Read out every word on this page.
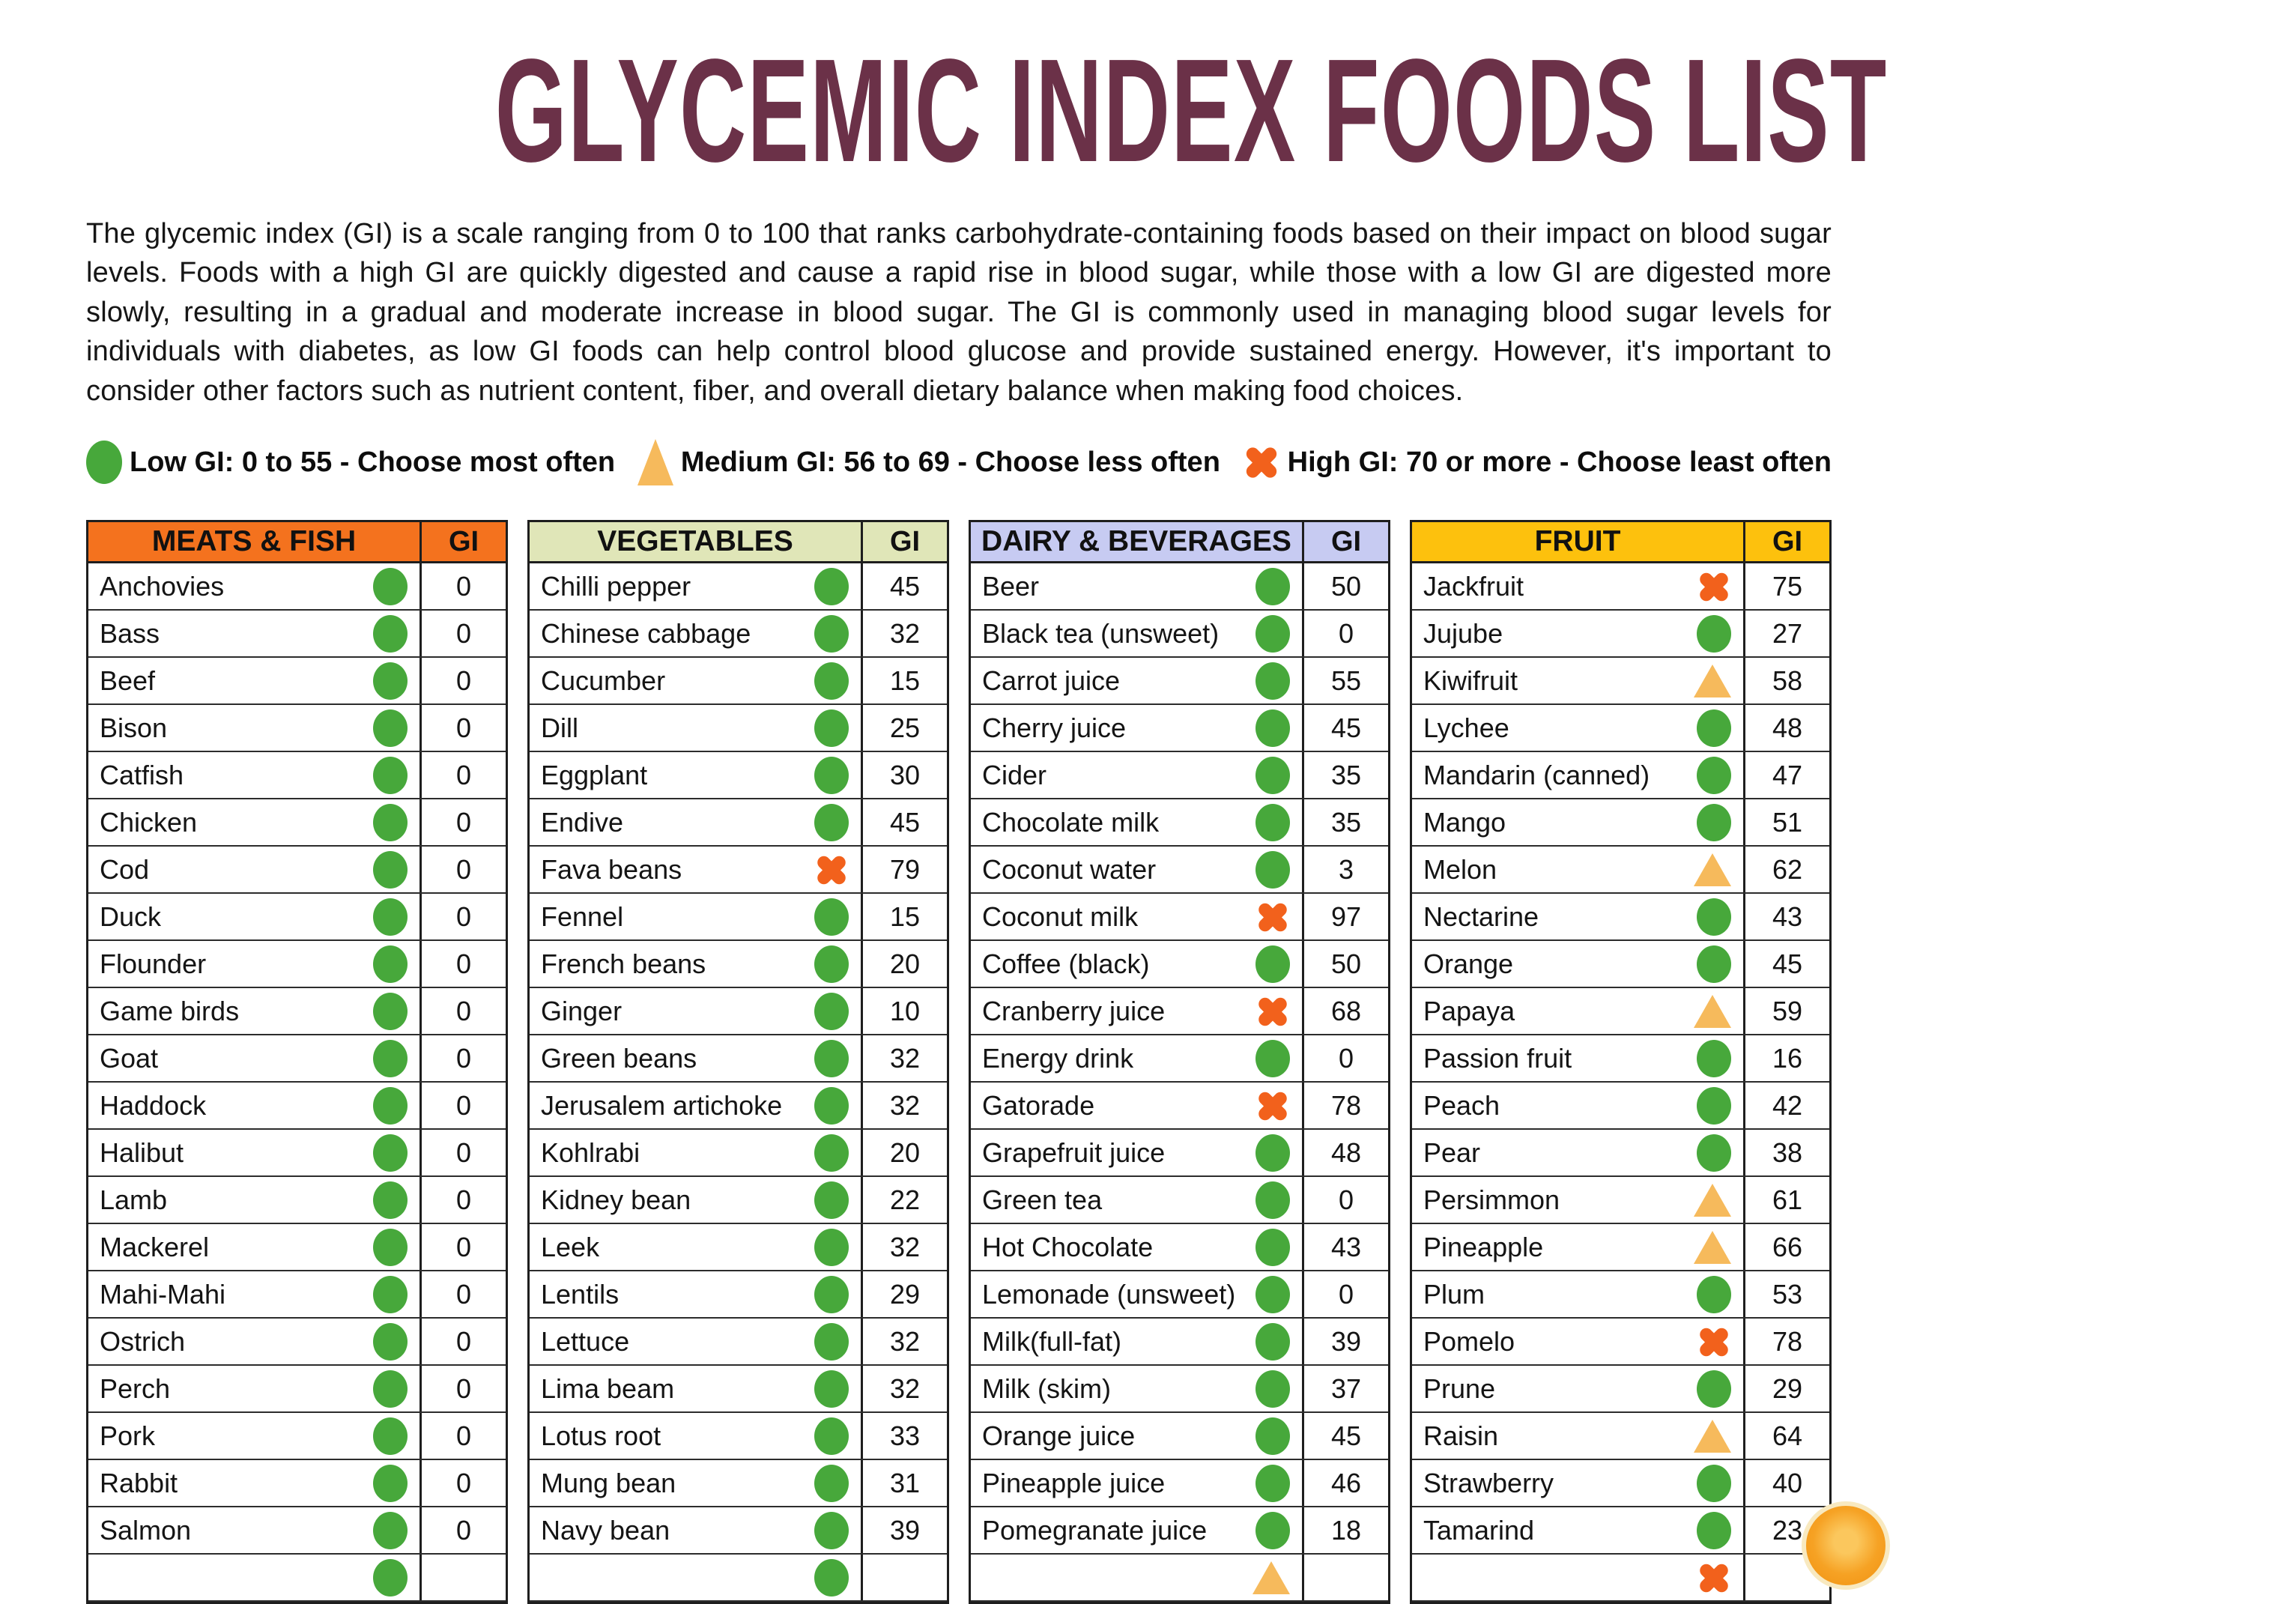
GLYCEMIC INDEX FOODS LIST

The glycemic index (GI) is a scale ranging from 0 to 100 that ranks carbohydrate-containing foods based on their impact on blood sugar levels. Foods with a high GI are quickly digested and cause a rapid rise in blood sugar, while those with a low GI are digested more slowly, resulting in a gradual and moderate increase in blood sugar. The GI is commonly used in managing blood sugar levels for individuals with diabetes, as low GI foods can help control blood glucose and provide sustained energy. However, it's important to consider other factors such as nutrient content, fiber, and overall dietary balance when making food choices.

Low GI: 0 to 55 - Choose most often Medium GI: 56 to 69 - Choose less often High GI: 70 or more - Choose least often
MEATS & FISH	GI
Anchovies	0
Bass	0
Beef	0
Bison	0
Catfish	0
Chicken	0
Cod	0
Duck	0
Flounder	0
Game birds	0
Goat	0
Haddock	0
Halibut	0
Lamb	0
Mackerel	0
Mahi-Mahi	0
Ostrich	0
Perch	0
Pork	0
Rabbit	0
Salmon	0
VEGETABLES	GI
Chilli pepper	45
Chinese cabbage	32
Cucumber	15
Dill	25
Eggplant	30
Endive	45
Fava beans	79
Fennel	15
French beans	20
Ginger	10
Green beans	32
Jerusalem artichoke	32
Kohlrabi	20
Kidney bean	22
Leek	32
Lentils	29
Lettuce	32
Lima beam	32
Lotus root	33
Mung bean	31
Navy bean	39
DAIRY & BEVERAGES	GI
Beer	50
Black tea (unsweet)	0
Carrot juice	55
Cherry juice	45
Cider	35
Chocolate milk	35
Coconut water	3
Coconut milk	97
Coffee (black)	50
Cranberry juice	68
Energy drink	0
Gatorade	78
Grapefruit juice	48
Green tea	0
Hot Chocolate	43
Lemonade (unsweet)	0
Milk(full-fat)	39
Milk (skim)	37
Orange juice	45
Pineapple juice	46
Pomegranate juice	18
FRUIT	GI
Jackfruit	75
Jujube	27
Kiwifruit	58
Lychee	48
Mandarin (canned)	47
Mango	51
Melon	62
Nectarine	43
Orange	45
Papaya	59
Passion fruit	16
Peach	42
Pear	38
Persimmon	61
Pineapple	66
Plum	53
Pomelo	78
Prune	29
Raisin	64
Strawberry	40
Tamarind	23
